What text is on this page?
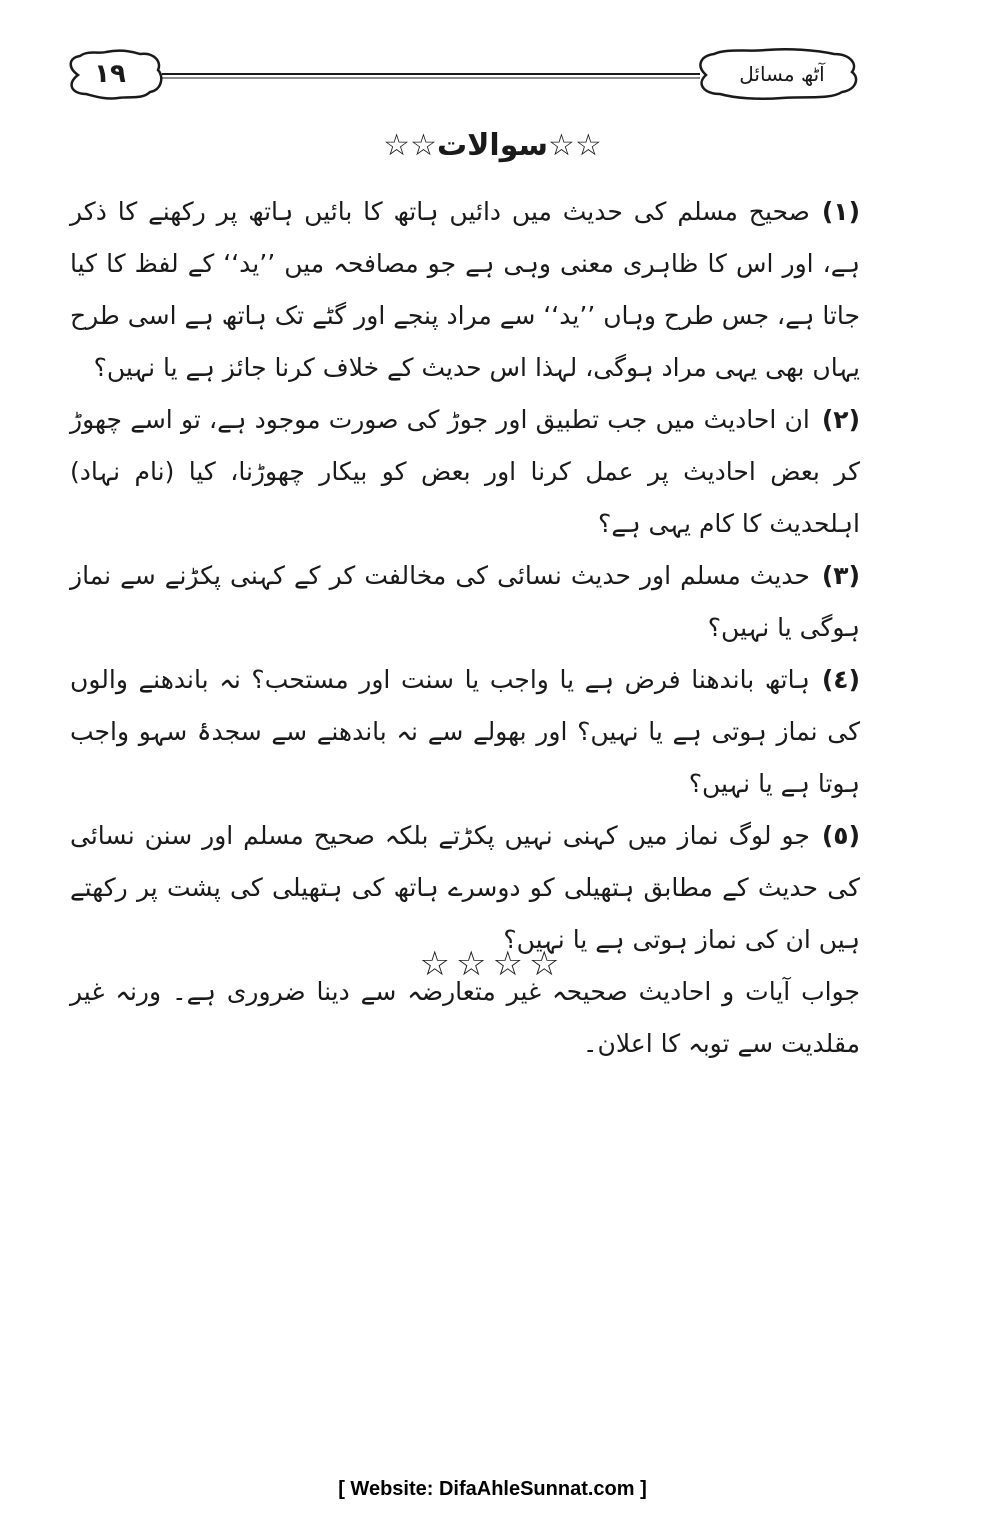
١٩	آٹھ مسائل
☆☆سوالات☆☆

(١)صحیح مسلم کی حدیث میں دائیں ہاتھ کا بائیں ہاتھ پر رکھنے کا ذکر ہے، اور اس کا ظاہری معنی وہی ہے جو مصافحہ میں ’’ید‘‘ کے لفظ کا کیا جاتا ہے، جس طرح وہاں ’’ید‘‘ سے مراد پنجے اور گٹے تک ہاتھ ہے اسی طرح یہاں بھی یہی مراد ہوگی، لہذا اس حدیث کے خلاف کرنا جائز ہے یا نہیں؟

(٢)ان احادیث میں جب تطبیق اور جوڑ کی صورت موجود ہے، تو اسے چھوڑ کر بعض احادیث پر عمل کرنا اور بعض کو بیکار چھوڑنا، کیا (نام نہاد) اہلحدیث کا کام یہی ہے؟

(٣)حدیث مسلم اور حدیث نسائی کی مخالفت کر کے کہنی پکڑنے سے نماز ہوگی یا نہیں؟

(٤)ہاتھ باندھنا فرض ہے یا واجب یا سنت اور مستحب؟ نہ باندھنے والوں کی نماز ہوتی ہے یا نہیں؟ اور بھولے سے نہ باندھنے سے سجدۂ سہو واجب ہوتا ہے یا نہیں؟

(٥)جو لوگ نماز میں کہنی نہیں پکڑتے بلکہ صحیح مسلم اور سنن نسائی کی حدیث کے مطابق ہتھیلی کو دوسرے ہاتھ کی ہتھیلی کی پشت پر رکھتے ہیں ان کی نماز ہوتی ہے یا نہیں؟

جواب آیات و احادیث صحیحہ غیر متعارضہ سے دینا ضروری ہے۔ ورنہ غیر مقلدیت سے توبہ کا اعلان۔

☆☆☆☆
[ Website: DifaAhleSunnat.com ]
